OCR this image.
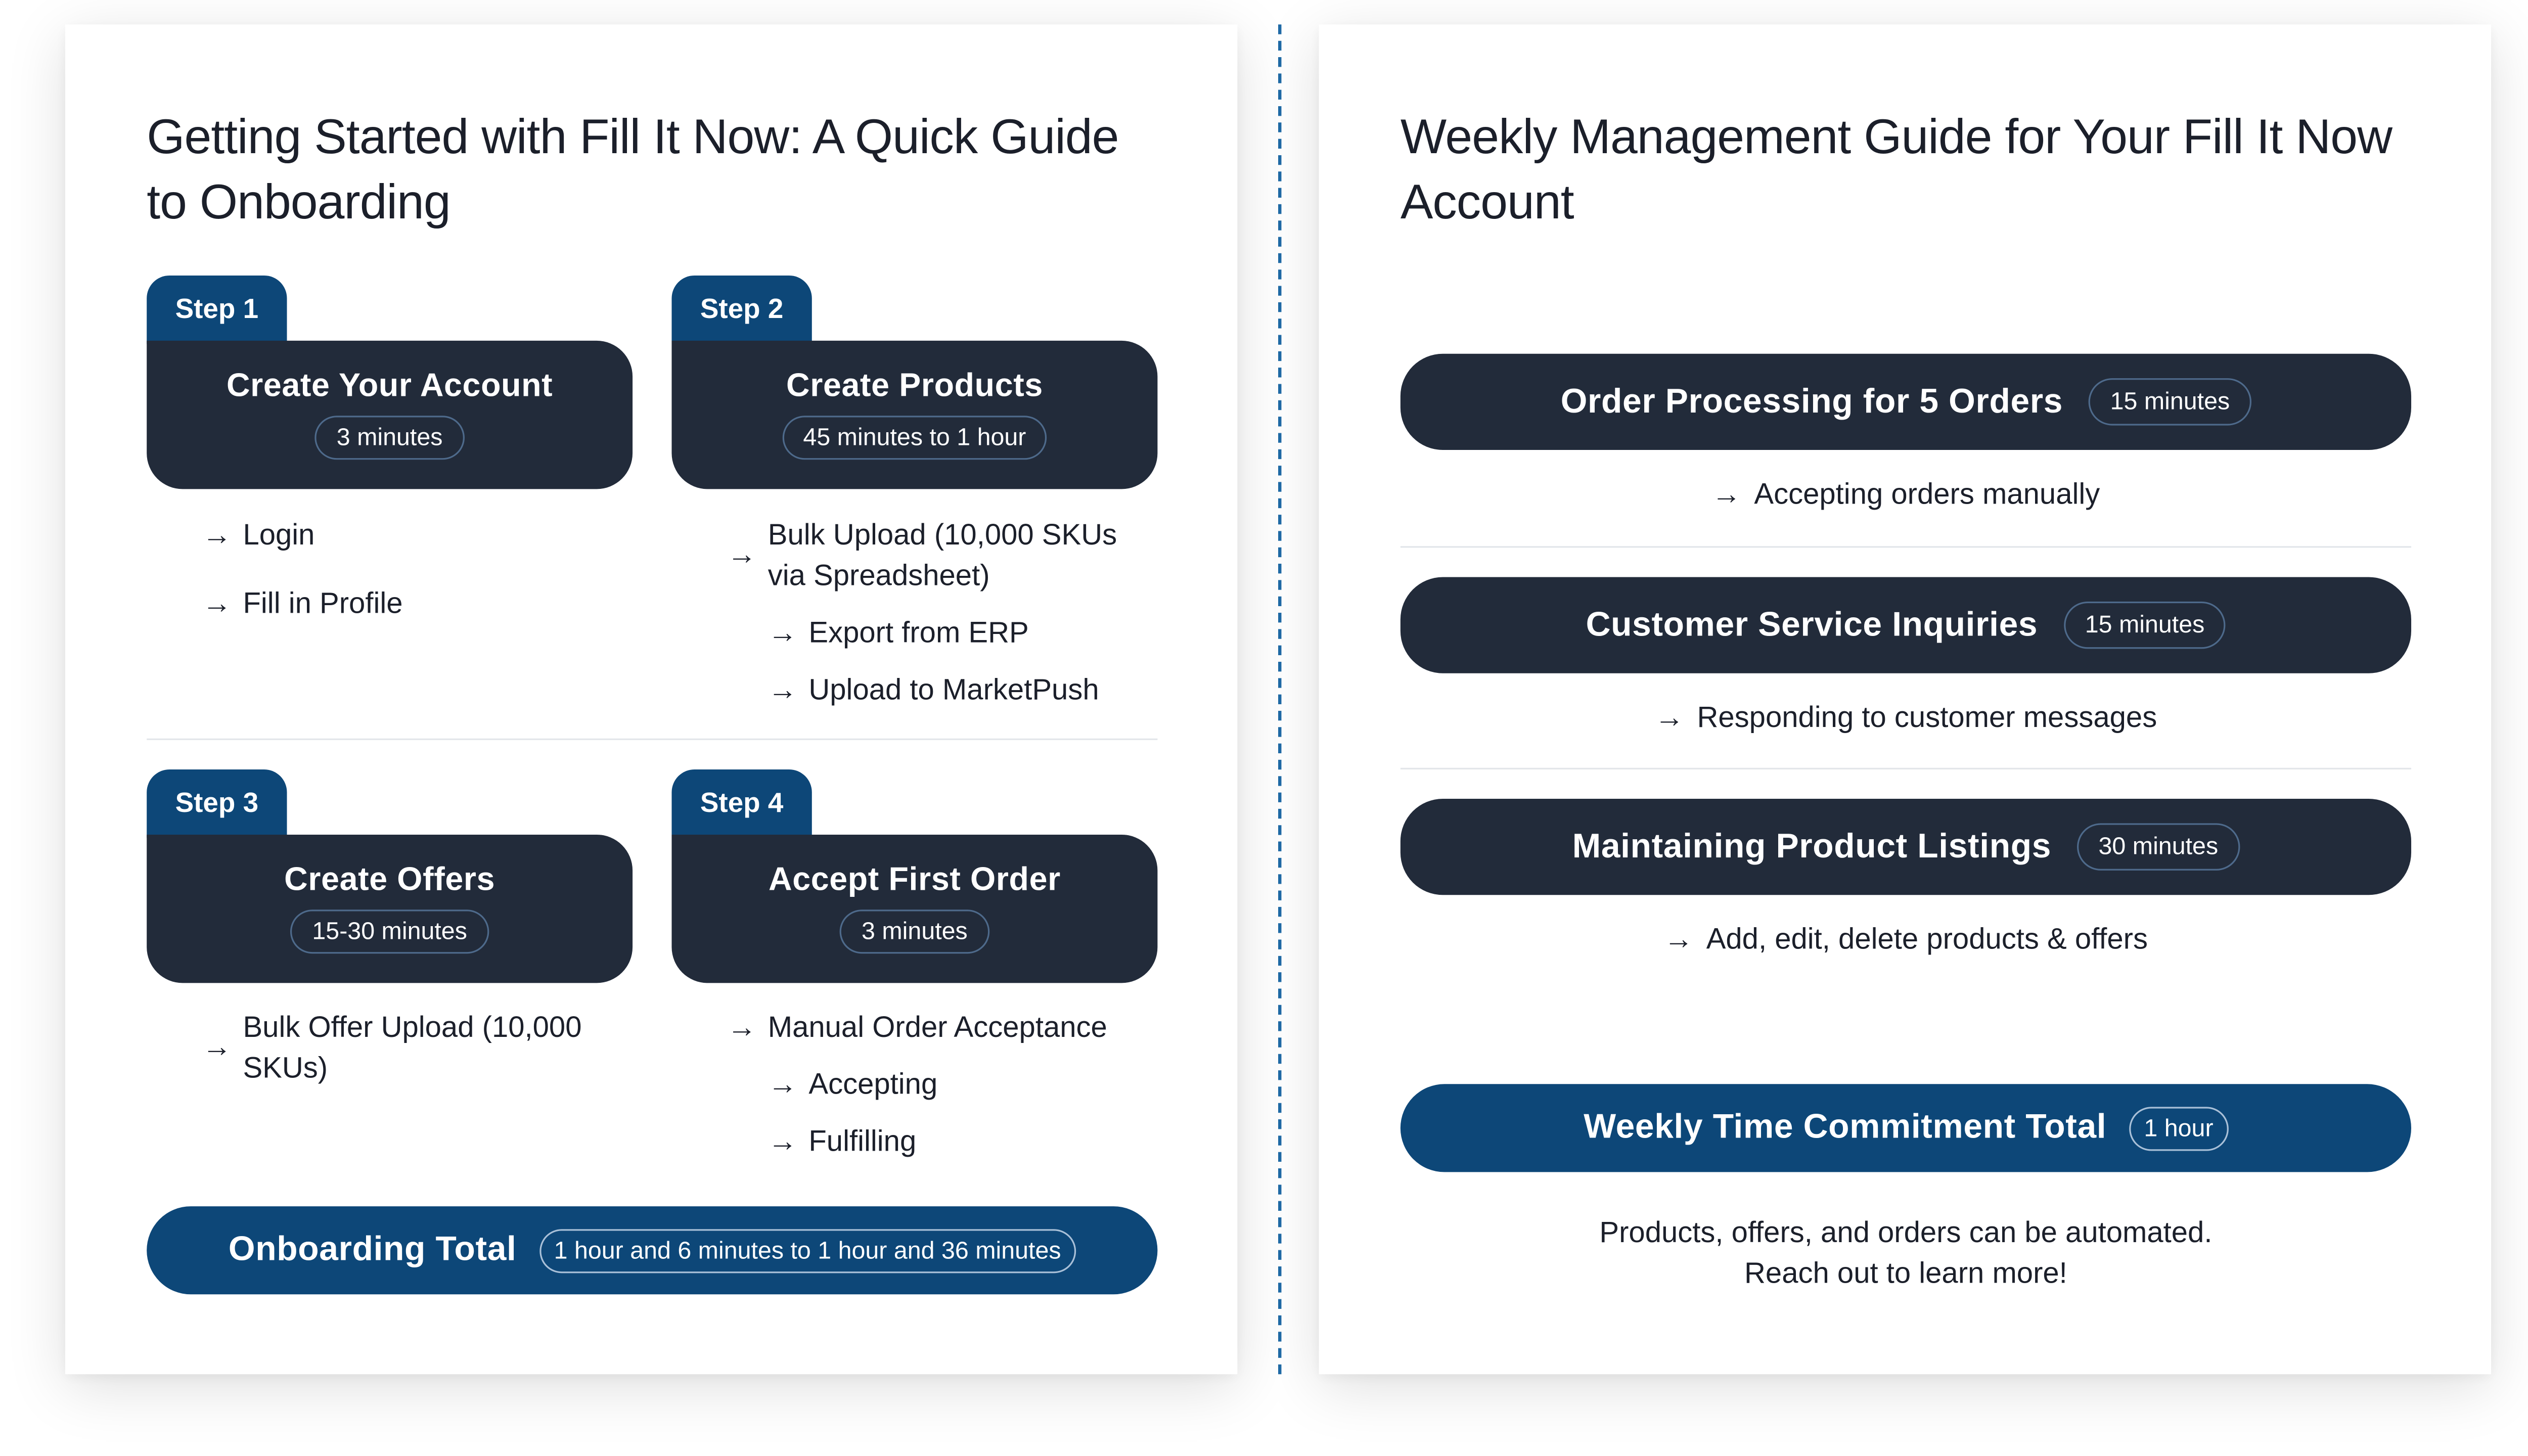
Getting Started with Fill It Now: A Quick Guide to Onboarding
Step 1
Create Your Account
3 minutes
→ Login
→ Fill in Profile
Step 2
Create Products
45 minutes to 1 hour
→
Bulk Upload (10,000 SKUs via Spreadsheet)
→ Export from ERP
→ Upload to MarketPush
Step 3
Create Offers
15-30 minutes
→
Bulk Offer Upload (10,000 SKUs)
Step 4
Accept First Order
3 minutes
→ Manual Order Acceptance
→ Accepting
→ Fulfilling
Onboarding Total	1 hour and 6 minutes to 1 hour and 36 minutes
Weekly Management Guide for Your Fill It Now Account
Order Processing for 5 Orders	15 minutes
→ Accepting orders manually
Customer Service Inquiries	15 minutes
→ Responding to customer messages
Maintaining Product Listings	30 minutes
→ Add, edit, delete products & offers
Weekly Time Commitment Total	1 hour

Products, offers, and orders can be automated.
Reach out to learn more!
